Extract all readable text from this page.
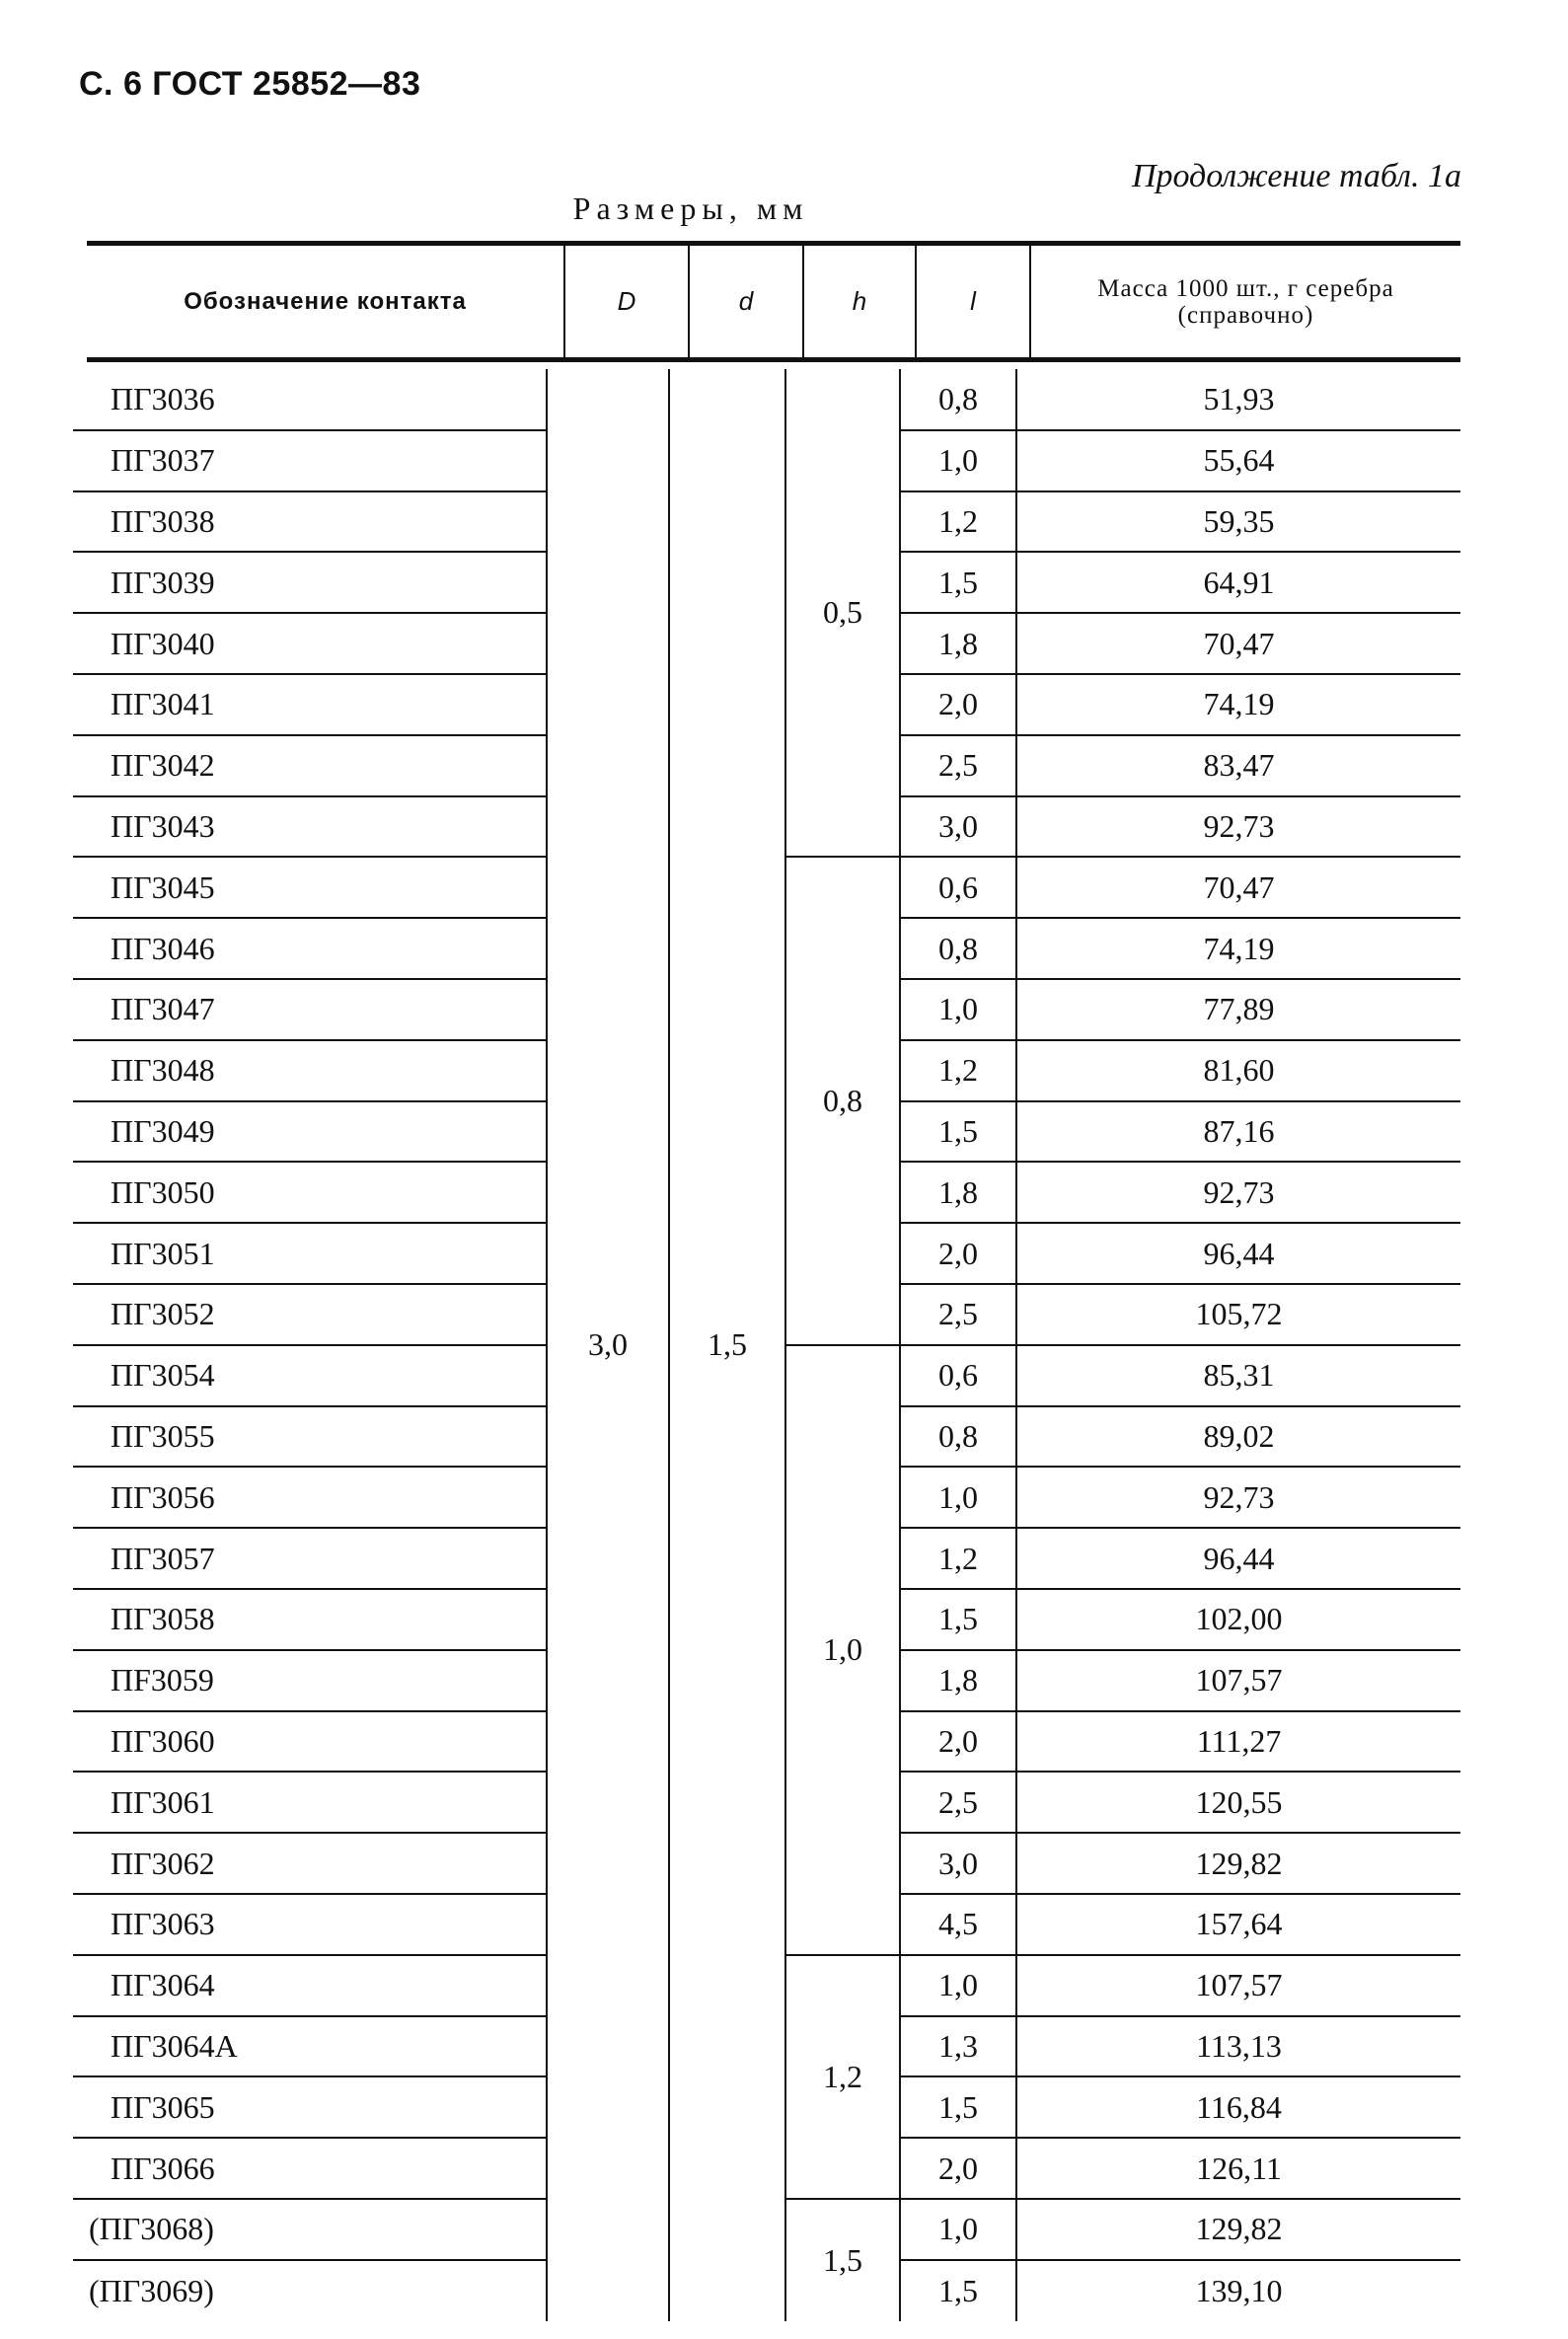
С. 6 ГОСТ 25852—83
Продолжение табл. 1а
Размеры, мм
Обозначение контакта	D	d	h	l	Масса 1000 шт., г серебра (справочно)
ПГ3036	3,0	1,5	0,5	0,8	51,93
ПГ3037				1,0	55,64
ПГ3038				1,2	59,35
ПГ3039				1,5	64,91
ПГ3040				1,8	70,47
ПГ3041				2,0	74,19
ПГ3042				2,5	83,47
ПГ3043				3,0	92,73
ПГ3045			0,8	0,6	70,47
ПГ3046				0,8	74,19
ПГ3047				1,0	77,89
ПГ3048				1,2	81,60
ПГ3049				1,5	87,16
ПГ3050				1,8	92,73
ПГ3051				2,0	96,44
ПГ3052				2,5	105,72
ПГ3054			1,0	0,6	85,31
ПГ3055				0,8	89,02
ПГ3056				1,0	92,73
ПГ3057				1,2	96,44
ПГ3058				1,5	102,00
ПF3059				1,8	107,57
ПГ3060				2,0	111,27
ПГ3061				2,5	120,55
ПГ3062				3,0	129,82
ПГ3063				4,5	157,64
ПГ3064			1,2	1,0	107,57
ПГ3064А				1,3	113,13
ПГ3065				1,5	116,84
ПГ3066				2,0	126,11
(ПГ3068)			1,5	1,0	129,82
(ПГ3069)				1,5	139,10
